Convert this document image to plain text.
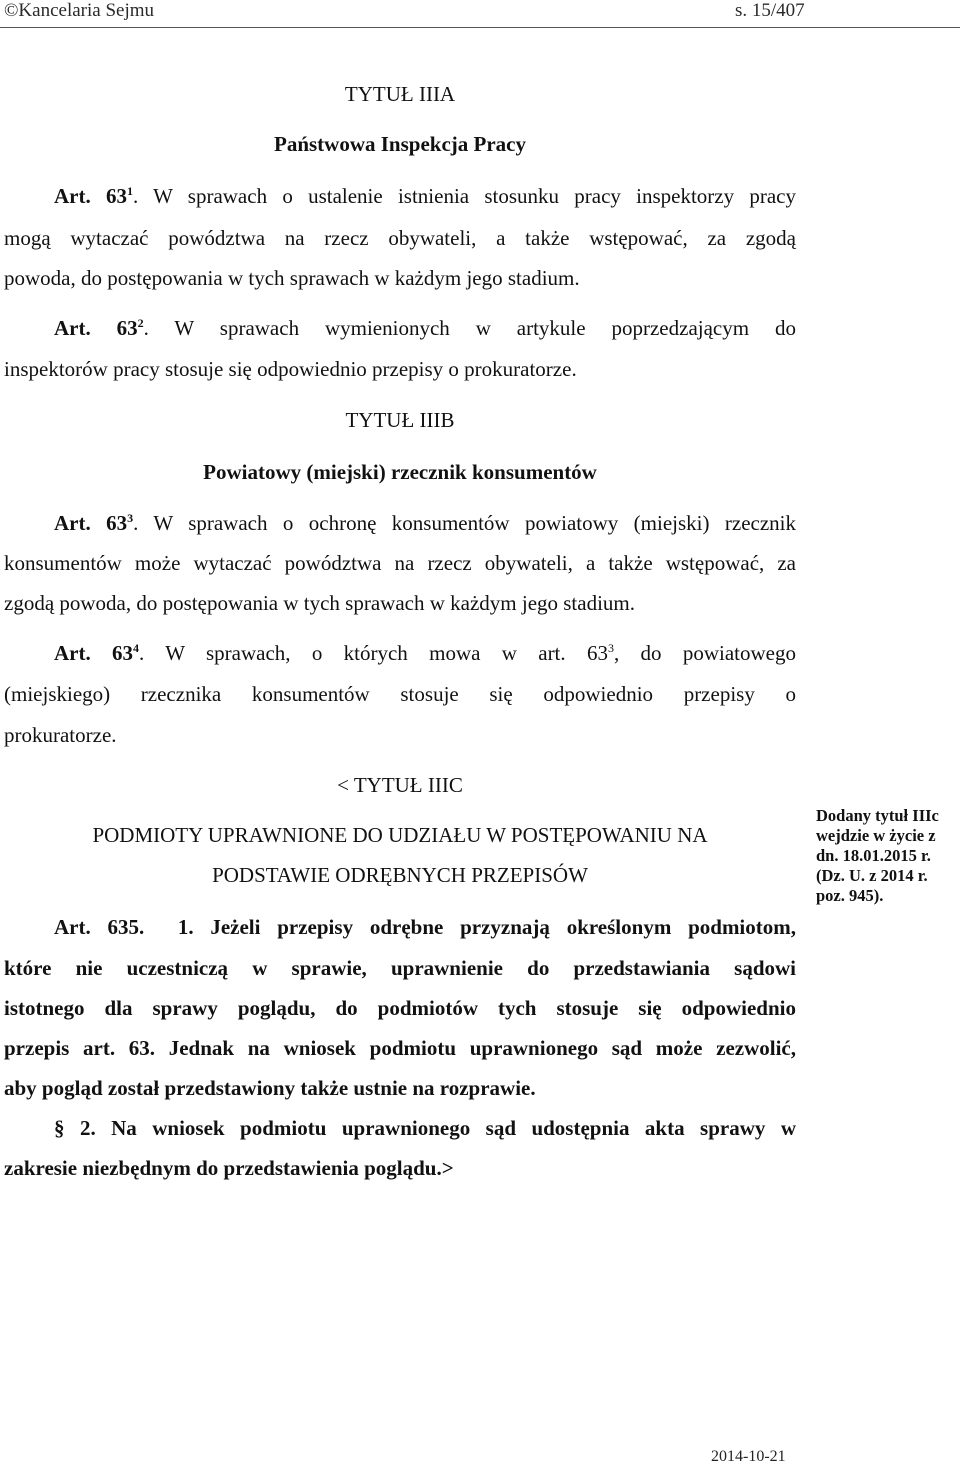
©Kancelaria Sejmu	s. 15/407
TYTUŁ IIIA
Państwowa Inspekcja Pracy
Art. $63^1$. W sprawach o ustalenie istnienia stosunku pracy inspektorzy pracy
mogą wytaczać powództwa na rzecz obywateli, a także wstępować, za zgodą
powoda, do postępowania w tych sprawach w każdym jego stadium.
Art. $63^2$. W sprawach wymienionych w artykule poprzedzającym do
inspektorów pracy stosuje się odpowiednio przepisy o prokuratorze.
TYTUŁ IIIB
Powiatowy (miejski) rzecznik konsumentów
Art. $63^3$. W sprawach o ochronę konsumentów powiatowy (miejski) rzecznik
konsumentów może wytaczać powództwa na rzecz obywateli, a także wstępować, za
zgodą powoda, do postępowania w tych sprawach w każdym jego stadium.
Art. $63^4$. W sprawach, o których mowa w art. $63^3$, do powiatowego
(miejskiego) rzecznika konsumentów stosuje się odpowiednio przepisy o
prokuratorze.
< TYTUŁ IIIC
PODMIOTY UPRAWNIONE DO UDZIAŁU W POSTĘPOWANIU NA
PODSTAWIE ODRĘBNYCH PRZEPISÓW
Dodany tytuł IIIc
wejdzie w życie z
dn. 18.01.2015 r.
(Dz. U. z 2014 r.
poz. 945).
Art. 635. 1. Jeżeli przepisy odrębne przyznają określonym podmiotom,
które nie uczestniczą w sprawie, uprawnienie do przedstawiania sądowi
istotnego dla sprawy poglądu, do podmiotów tych stosuje się odpowiednio
przepis art. 63. Jednak na wniosek podmiotu uprawnionego sąd może zezwolić,
aby pogląd został przedstawiony także ustnie na rozprawie.
§ 2. Na wniosek podmiotu uprawnionego sąd udostępnia akta sprawy w
zakresie niezbędnym do przedstawienia poglądu.>
2014-10-21
